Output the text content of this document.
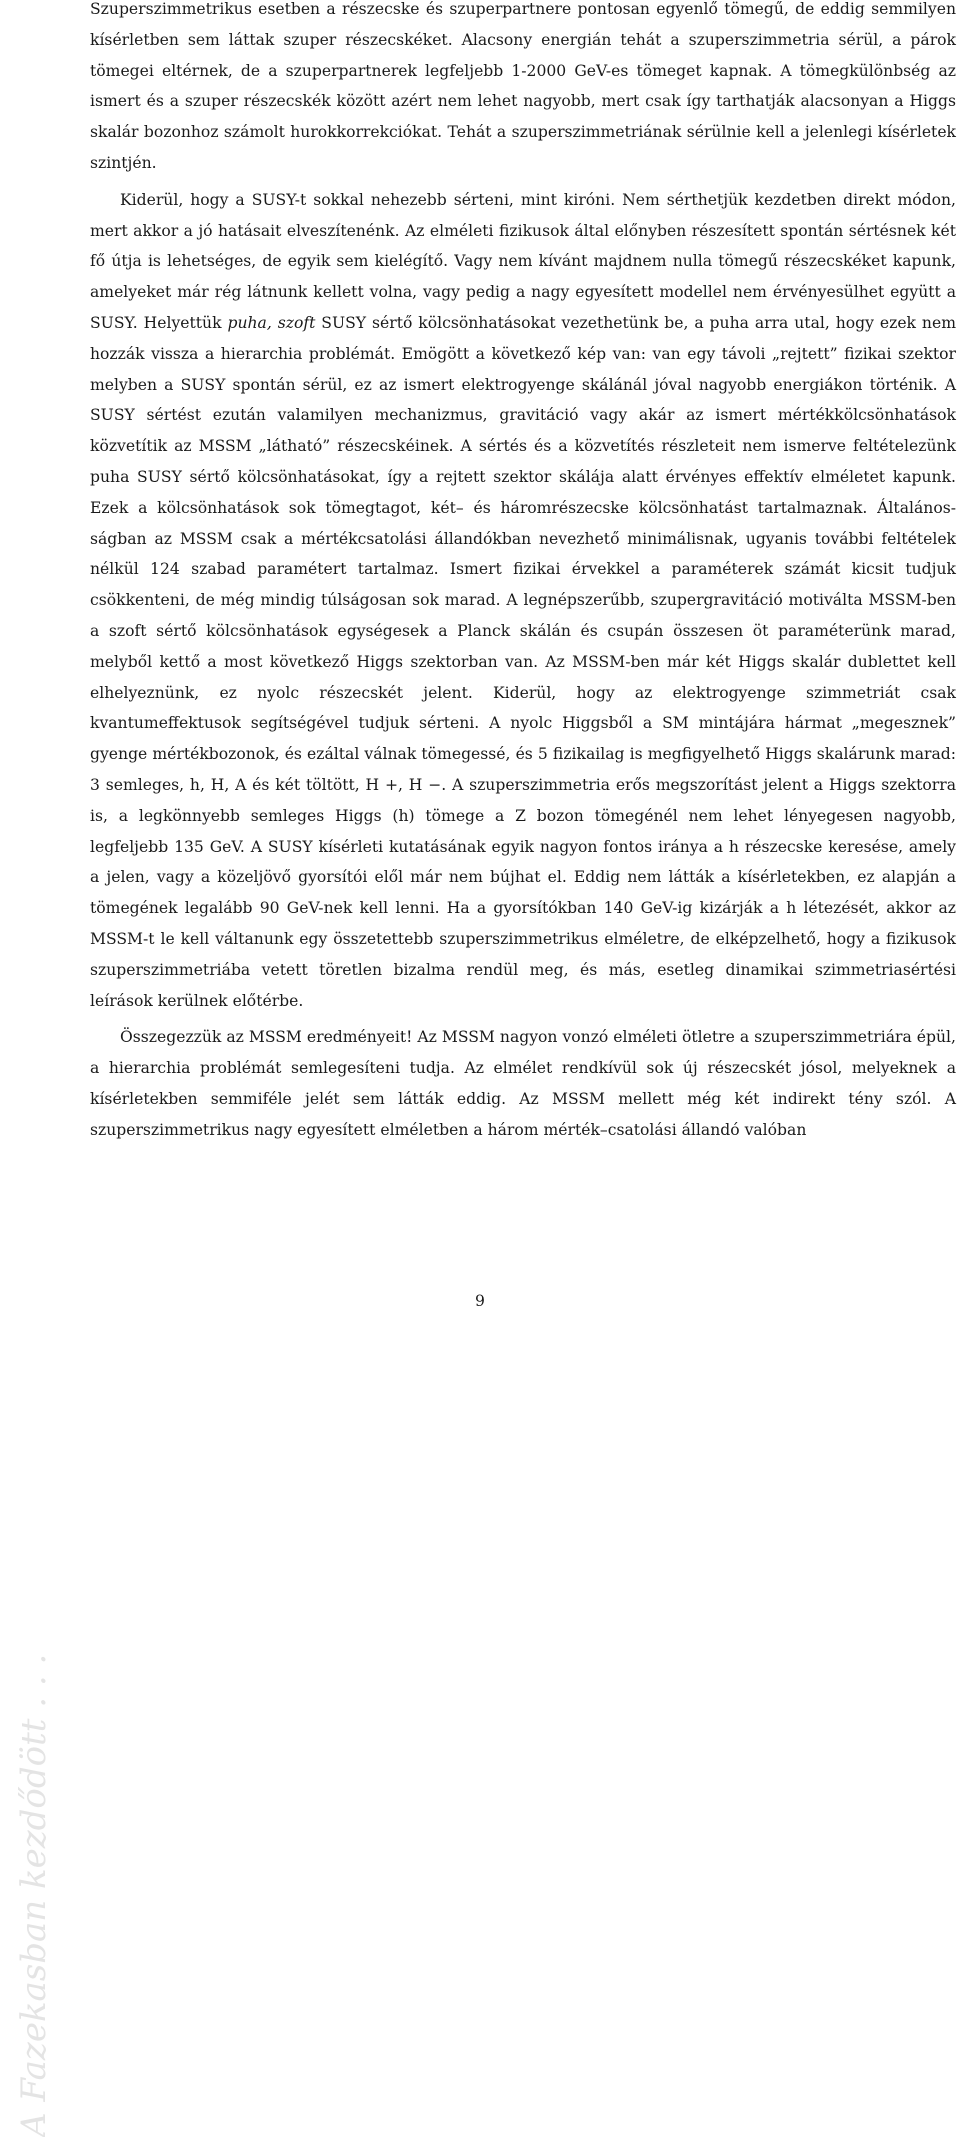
A Fazekasban kezdődött . . .

Szuperszimmetrikus esetben a részecske és szuperpartnere pontosan egyenlő tömegű, de eddig semmilyen kísérletben sem láttak szuper részecskéket. Alacsony energián tehát a szuperszimmetria sérül, a párok tömegei eltérnek, de a szuperpartnerek legfeljebb 1-2000 GeV-es tömeget kapnak. A tömegkülönbség az ismert és a szuper részecskék között azért nem lehet nagyobb, mert csak így tarthatják alacsonyan a Higgs skalár bozonhoz számolt hurokkorrekciókat. Tehát a szuperszimmetriának sérülnie kell a jelenlegi kísérletek szintjén.

Kiderül, hogy a SUSY-t sokkal nehezebb sérteni, mint kiróni. Nem sérthetjük kezdetben direkt módon, mert akkor a jó hatásait elveszítenénk. Az elméleti fizikusok által előnyben részesített spontán sértésnek két fő útja is lehetséges, de egyik sem kielégítő. Vagy nem kívánt majdnem nulla tömegű részecskéket kapunk, amelyeket már rég látnunk kellett volna, vagy pedig a nagy egyesített modellel nem érvényesülhet együtt a SUSY. Helyettük puha, szoft SUSY sértő kölcsönhatásokat vezethetünk be, a puha arra utal, hogy ezek nem hozzák vissza a hierarchia problémát. Emögött a következő kép van: van egy távoli „rejtett” fizikai szektor melyben a SUSY spontán sérül, ez az ismert elektrogyenge skálánál jóval nagyobb energiákon történik. A SUSY sértést ezután valamilyen mechanizmus, gravitáció vagy akár az ismert mértékkölcsönhatások közvetítik az MSSM „látható” részecskéinek. A sértés és a közvetítés részleteit nem ismerve feltételezünk puha SUSY sértő kölcsönhatásokat, így a rejtett szektor skálája alatt érvényes effektív elméletet kapunk. Ezek a kölcsönhatások sok tömegtagot, két– és háromrészecske kölcsönhatást tartalmaznak. Általánosságban az MSSM csak a mértékcsatolási állandókban nevezhető minimálisnak, ugyanis további feltételek nélkül 124 szabad paramétert tartalmaz. Ismert fizikai érvekkel a paraméterek számát kicsit tudjuk csökkenteni, de még mindig túlságosan sok marad. A legnépszerűbb, szupergravitáció motiválta MSSM-ben a szoft sértő kölcsönhatások egységesek a Planck skálán és csupán összesen öt paraméterünk marad, melyből kettő a most következő Higgs szektorban van. Az MSSM-ben már két Higgs skalár dublettet kell elhelyeznünk, ez nyolc részecskét jelent. Kiderül, hogy az elektrogyenge szimmetriát csak kvantumeffektusok segítségével tudjuk sérteni. A nyolc Higgsből a SM mintájára hármat „megesznek” gyenge mértékbozonok, és ezáltal válnak tömegessé, és 5 fizikailag is megfigyelhető Higgs skalárunk marad: 3 semleges, h, H, A és két töltött, H +, H −. A szuperszimmetria erős megszorítást jelent a Higgs szektorra is, a legkönnyebb semleges Higgs (h) tömege a Z bozon tömegénél nem lehet lényegesen nagyobb, legfeljebb 135 GeV. A SUSY kísérleti kutatásának egyik nagyon fontos iránya a h részecske keresése, amely a jelen, vagy a közeljövő gyorsítói elől már nem bújhat el. Eddig nem látták a kísérletekben, ez alapján a tömegének legalább 90 GeV-nek kell lenni. Ha a gyorsítókban 140 GeV-ig kizárják a h létezését, akkor az MSSM-t le kell váltanunk egy összetettebb szuperszimmetrikus elméletre, de elképzelhető, hogy a fizikusok szuperszimmetriába vetett töretlen bizalma rendül meg, és más, esetleg dinamikai szimmetriasértési leírások kerülnek előtérbe.

Összegezzük az MSSM eredményeit! Az MSSM nagyon vonzó elméleti ötletre a szuperszimmetriára épül, a hierarchia problémát semlegesíteni tudja. Az elmélet rendkívül sok új részecskét jósol, melyeknek a kísérletekben semmiféle jelét sem látták eddig. Az MSSM mellett még két indirekt tény szól. A szuperszimmetrikus nagy egyesített elméletben a három mérték–csatolási állandó valóban

9
